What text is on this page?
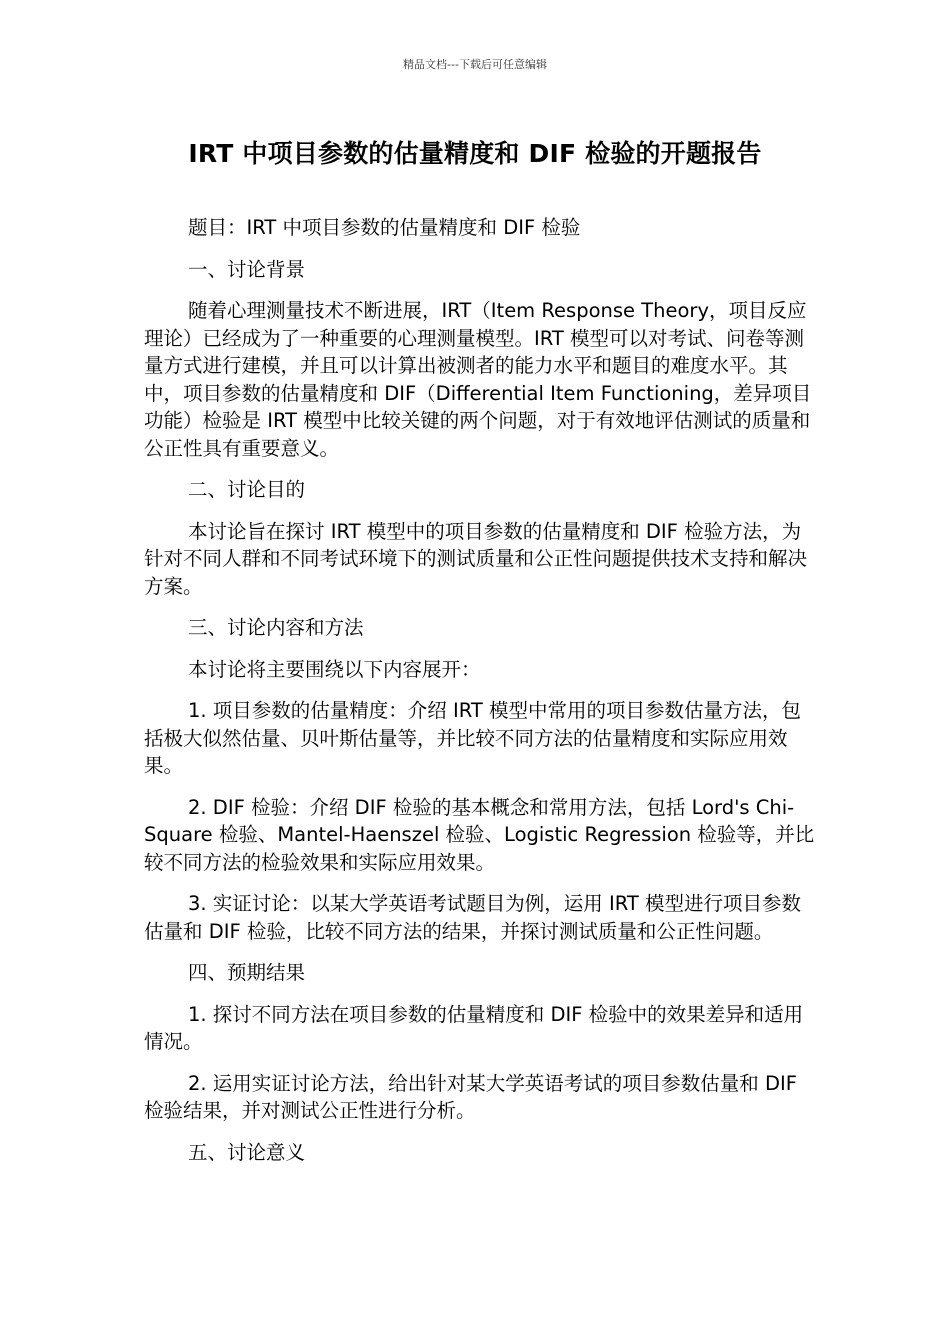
精品文档---下载后可任意编辑
IRT 中项目参数的估量精度和 DIF 检验的开题报告

题目：IRT 中项目参数的估量精度和 DIF 检验

一、讨论背景

随着心理测量技术不断进展，IRT（Item Response Theory，项目反应理论）已经成为了一种重要的心理测量模型。IRT 模型可以对考试、问卷等测量方式进行建模，并且可以计算出被测者的能力水平和题目的难度水平。其中，项目参数的估量精度和 DIF（Differential Item Functioning，差异项目功能）检验是 IRT 模型中比较关键的两个问题，对于有效地评估测试的质量和公正性具有重要意义。

二、讨论目的

本讨论旨在探讨 IRT 模型中的项目参数的估量精度和 DIF 检验方法，为针对不同人群和不同考试环境下的测试质量和公正性问题提供技术支持和解决方案。

三、讨论内容和方法

本讨论将主要围绕以下内容展开：

1. 项目参数的估量精度：介绍 IRT 模型中常用的项目参数估量方法，包括极大似然估量、贝叶斯估量等，并比较不同方法的估量精度和实际应用效果。

2. DIF 检验：介绍 DIF 检验的基本概念和常用方法，包括 Lord's Chi-Square 检验、Mantel-Haenszel 检验、Logistic Regression 检验等，并比较不同方法的检验效果和实际应用效果。

3. 实证讨论：以某大学英语考试题目为例，运用 IRT 模型进行项目参数估量和 DIF 检验，比较不同方法的结果，并探讨测试质量和公正性问题。

四、预期结果

1. 探讨不同方法在项目参数的估量精度和 DIF 检验中的效果差异和适用情况。

2. 运用实证讨论方法，给出针对某大学英语考试的项目参数估量和 DIF 检验结果，并对测试公正性进行分析。

五、讨论意义
